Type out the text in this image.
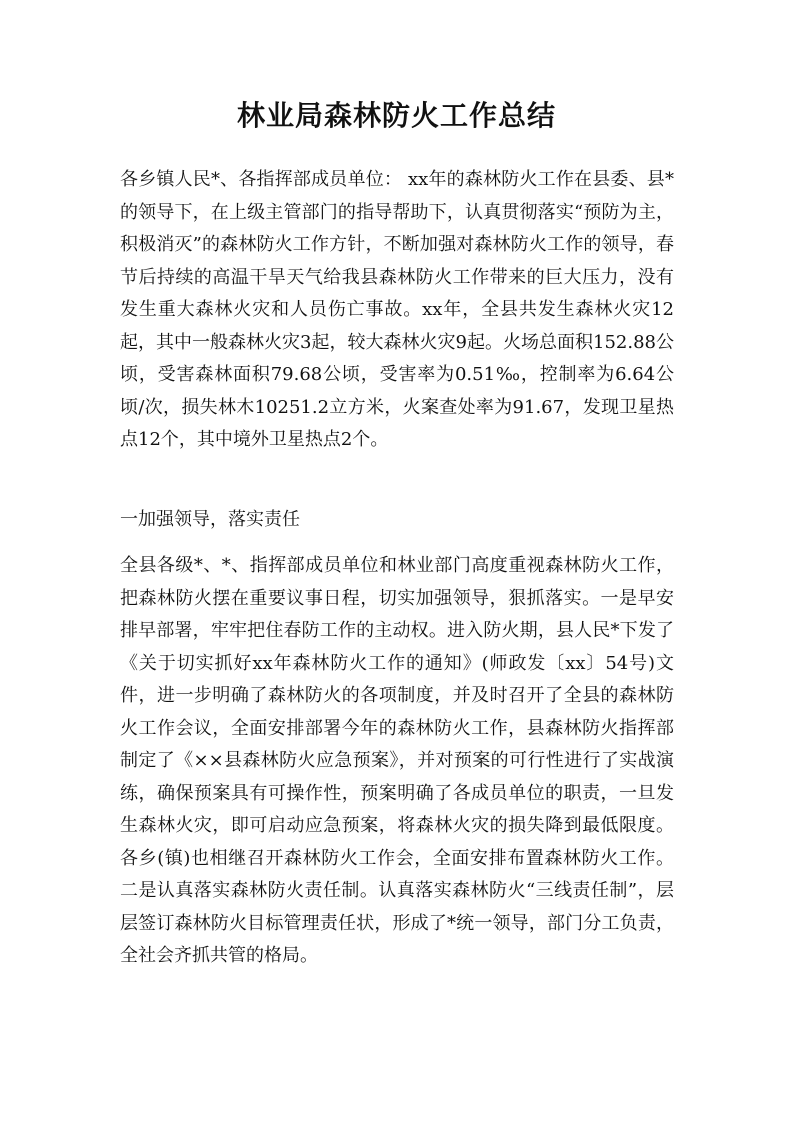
林业局森林防火工作总结
各乡镇人民*、各指挥部成员单位： xx年的森林防火工作在县委、县*的领导下，在上级主管部门的指导帮助下，认真贯彻落实“预防为主，积极消灭”的森林防火工作方针，不断加强对森林防火工作的领导，春节后持续的高温干旱天气给我县森林防火工作带来的巨大压力，没有发生重大森林火灾和人员伤亡事故。xx年，全县共发生森林火灾12起，其中一般森林火灾3起，较大森林火灾9起。火场总面积152.88公顷，受害森林面积79.68公顷，受害率为0.51‰，控制率为6.64公顷/次，损失林木10251.2立方米，火案查处率为91.67，发现卫星热点12个，其中境外卫星热点2个。
一加强领导，落实责任
全县各级*、*、指挥部成员单位和林业部门高度重视森林防火工作，把森林防火摆在重要议事日程，切实加强领导，狠抓落实。一是早安排早部署，牢牢把住春防工作的主动权。进入防火期，县人民*下发了《关于切实抓好xx年森林防火工作的通知》(师政发〔xx〕54号)文件，进一步明确了森林防火的各项制度，并及时召开了全县的森林防火工作会议，全面安排部署今年的森林防火工作，县森林防火指挥部制定了《××县森林防火应急预案》，并对预案的可行性进行了实战演练，确保预案具有可操作性，预案明确了各成员单位的职责，一旦发生森林火灾，即可启动应急预案，将森林火灾的损失降到最低限度。各乡(镇)也相继召开森林防火工作会，全面安排布置森林防火工作。二是认真落实森林防火责任制。认真落实森林防火“三线责任制”，层层签订森林防火目标管理责任状，形成了*统一领导，部门分工负责，全社会齐抓共管的格局。
